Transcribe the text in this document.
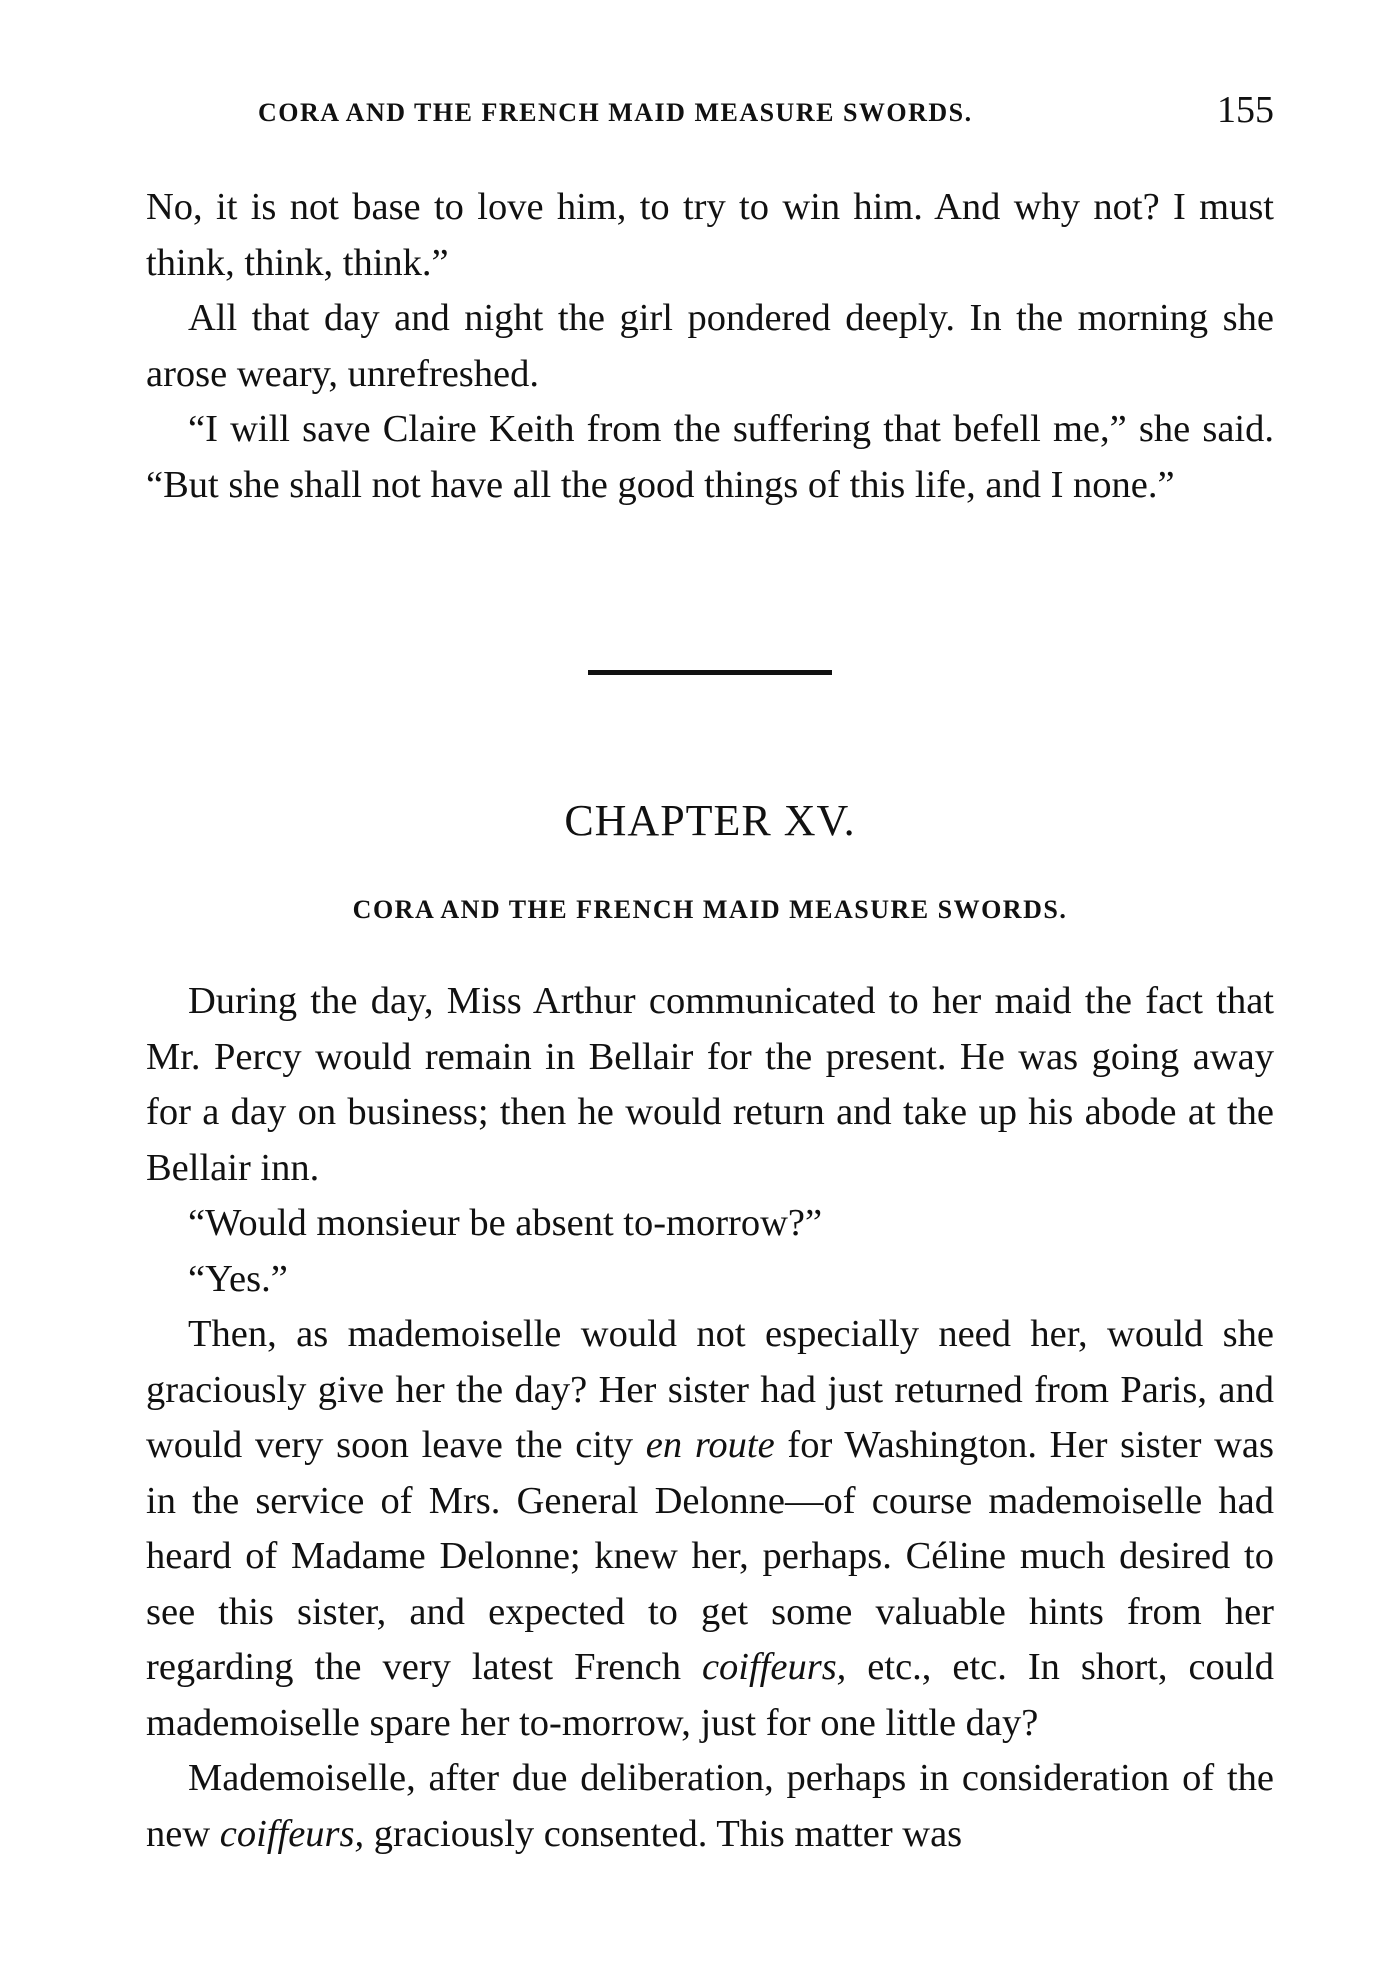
CORA AND THE FRENCH MAID MEASURE SWORDS.	155

No, it is not base to love him, to try to win him. And why not? I must think, think, think.”

All that day and night the girl pondered deeply. In the morning she arose weary, unrefreshed.

“I will save Claire Keith from the suffering that befell me,” she said. “But she shall not have all the good things of this life, and I none.”

CHAPTER XV.
CORA AND THE FRENCH MAID MEASURE SWORDS.

During the day, Miss Arthur communicated to her maid the fact that Mr. Percy would remain in Bellair for the present. He was going away for a day on business; then he would return and take up his abode at the Bellair inn.

“Would monsieur be absent to-morrow?”

“Yes.”

Then, as mademoiselle would not especially need her, would she graciously give her the day? Her sister had just returned from Paris, and would very soon leave the city en route for Washington. Her sister was in the service of Mrs. General Delonne—of course mademoiselle had heard of Madame Delonne; knew her, perhaps. Céline much desired to see this sister, and expected to get some valuable hints from her regarding the very latest French coiffeurs, etc., etc. In short, could mademoiselle spare her to-morrow, just for one little day?

Mademoiselle, after due deliberation, perhaps in consideration of the new coiffeurs, graciously consented. This matter was
